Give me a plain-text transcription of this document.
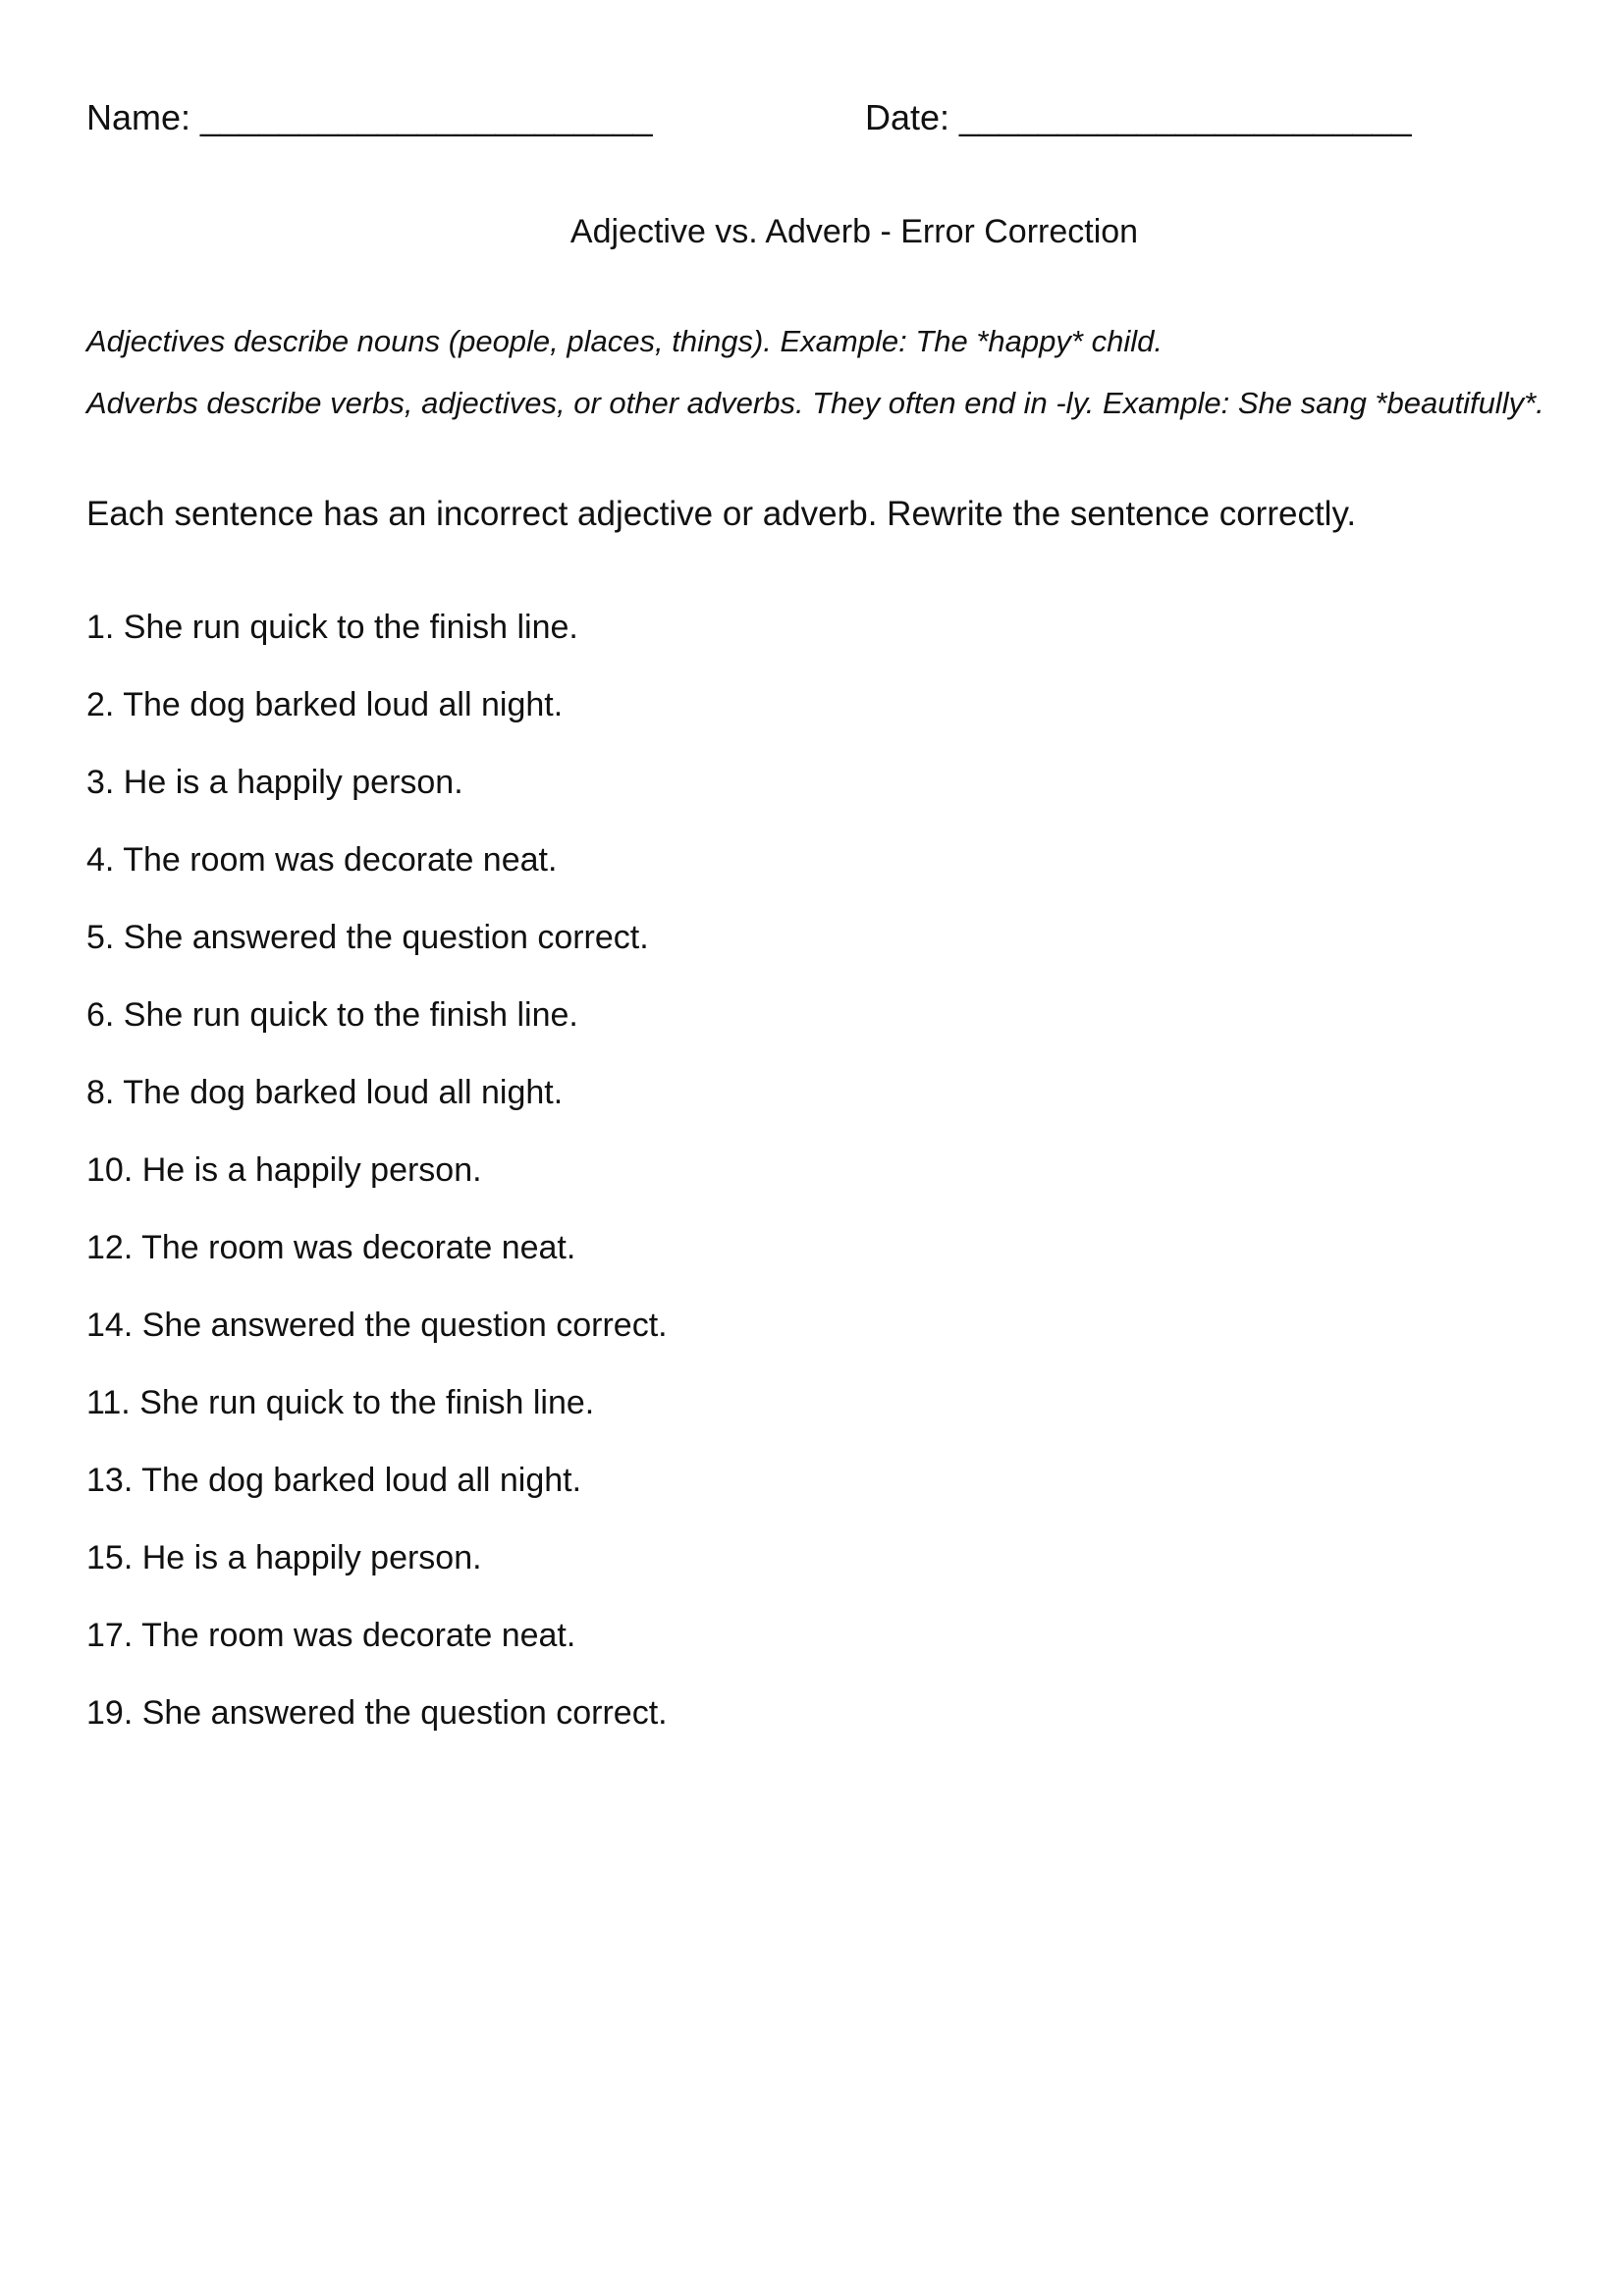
Name: _______________________	Date: _______________________
Adjective vs. Adverb - Error Correction
Adjectives describe nouns (people, places, things). Example: The *happy* child.
Adverbs describe verbs, adjectives, or other adverbs. They often end in -ly. Example: She sang *beautifully*.
Each sentence has an incorrect adjective or adverb. Rewrite the sentence correctly.
1. She run quick to the finish line.
2. The dog barked loud all night.
3. He is a happily person.
4. The room was decorate neat.
5. She answered the question correct.
6. She run quick to the finish line.
8. The dog barked loud all night.
10. He is a happily person.
12. The room was decorate neat.
14. She answered the question correct.
11. She run quick to the finish line.
13. The dog barked loud all night.
15. He is a happily person.
17. The room was decorate neat.
19. She answered the question correct.
